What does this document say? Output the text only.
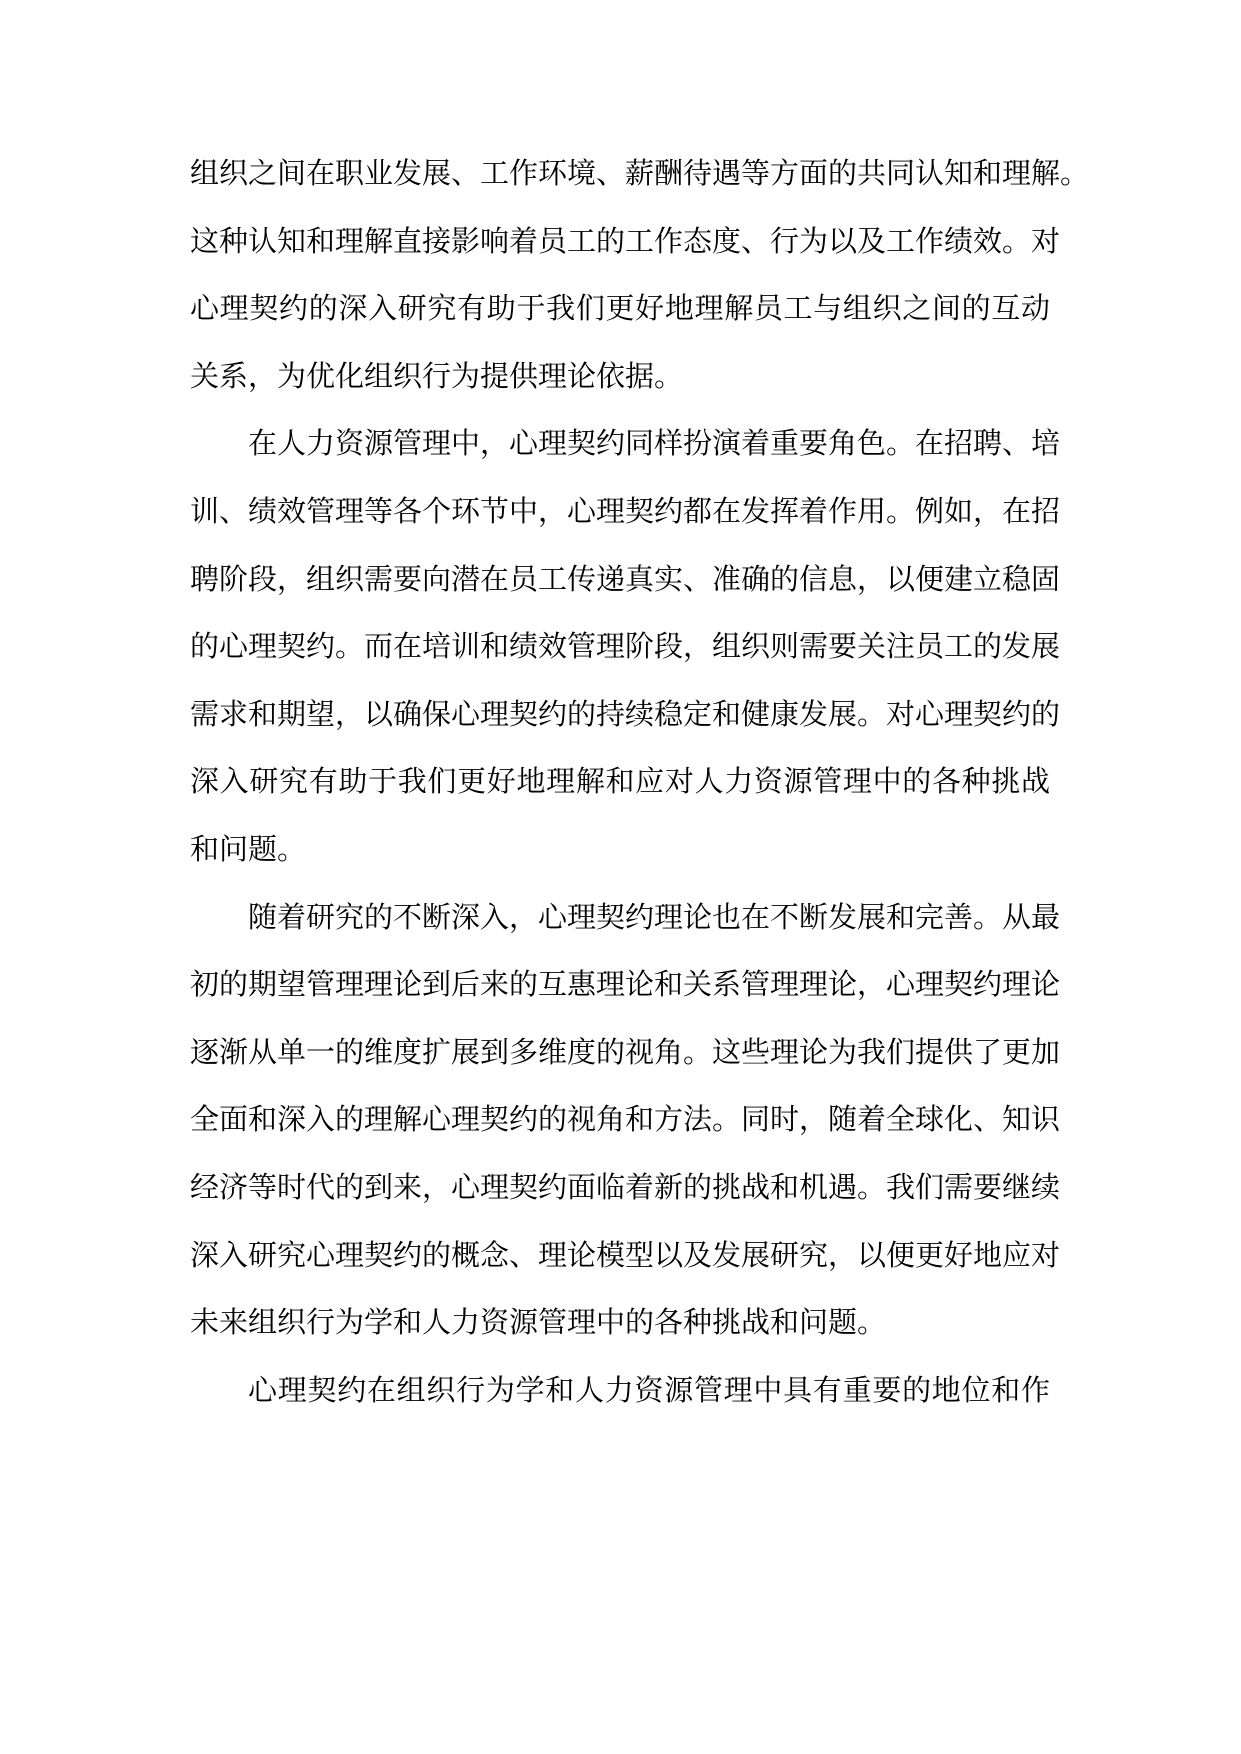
组织之间在职业发展、工作环境、薪酬待遇等方面的共同认知和理解。
这种认知和理解直接影响着员工的工作态度、行为以及工作绩效。对
心理契约的深入研究有助于我们更好地理解员工与组织之间的互动
关系，为优化组织行为提供理论依据。
在人力资源管理中，心理契约同样扮演着重要角色。在招聘、培
训、绩效管理等各个环节中，心理契约都在发挥着作用。例如，在招
聘阶段，组织需要向潜在员工传递真实、准确的信息，以便建立稳固
的心理契约。而在培训和绩效管理阶段，组织则需要关注员工的发展
需求和期望，以确保心理契约的持续稳定和健康发展。对心理契约的
深入研究有助于我们更好地理解和应对人力资源管理中的各种挑战
和问题。
随着研究的不断深入，心理契约理论也在不断发展和完善。从最
初的期望管理理论到后来的互惠理论和关系管理理论，心理契约理论
逐渐从单一的维度扩展到多维度的视角。这些理论为我们提供了更加
全面和深入的理解心理契约的视角和方法。同时，随着全球化、知识
经济等时代的到来，心理契约面临着新的挑战和机遇。我们需要继续
深入研究心理契约的概念、理论模型以及发展研究，以便更好地应对
未来组织行为学和人力资源管理中的各种挑战和问题。
心理契约在组织行为学和人力资源管理中具有重要的地位和作
